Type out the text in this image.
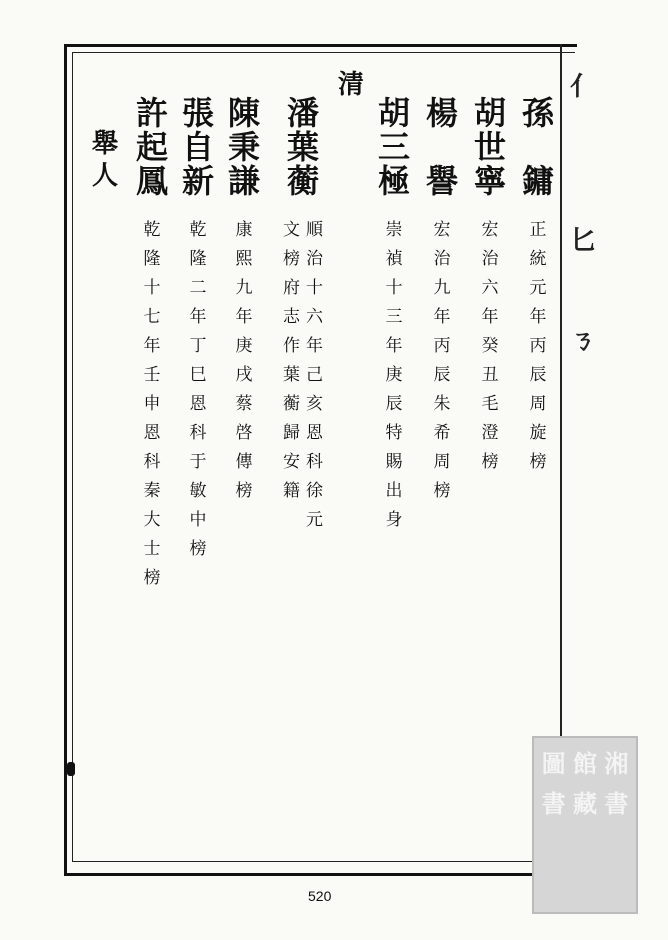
亻
匕
ㄋ
清
孫

鏞
正
統
元
年
丙
辰
周
旋
榜
胡
世
寧
宏
治
六
年
癸
丑
毛
澄
榜
楊

譽
宏
治
九
年
丙
辰
朱
希
周
榜
胡
三
極
崇
禎
十
三
年
庚
辰
特
賜
出
身
潘
葉
蘅
順
治
十
六
年
己
亥
恩
科
徐
元
文
榜
府
志
作
葉
蘅
歸
安
籍
陳
秉
謙
康
熙
九
年
庚
戌
蔡
啓
傳
榜
張
自
新
乾
隆
二
年
丁
巳
恩
科
于
敏
中
榜
許
起
鳳
乾
隆
十
七
年
壬
申
恩
科
秦
大
士
榜
舉
人
520
圖
書
館
藏
湘
書
